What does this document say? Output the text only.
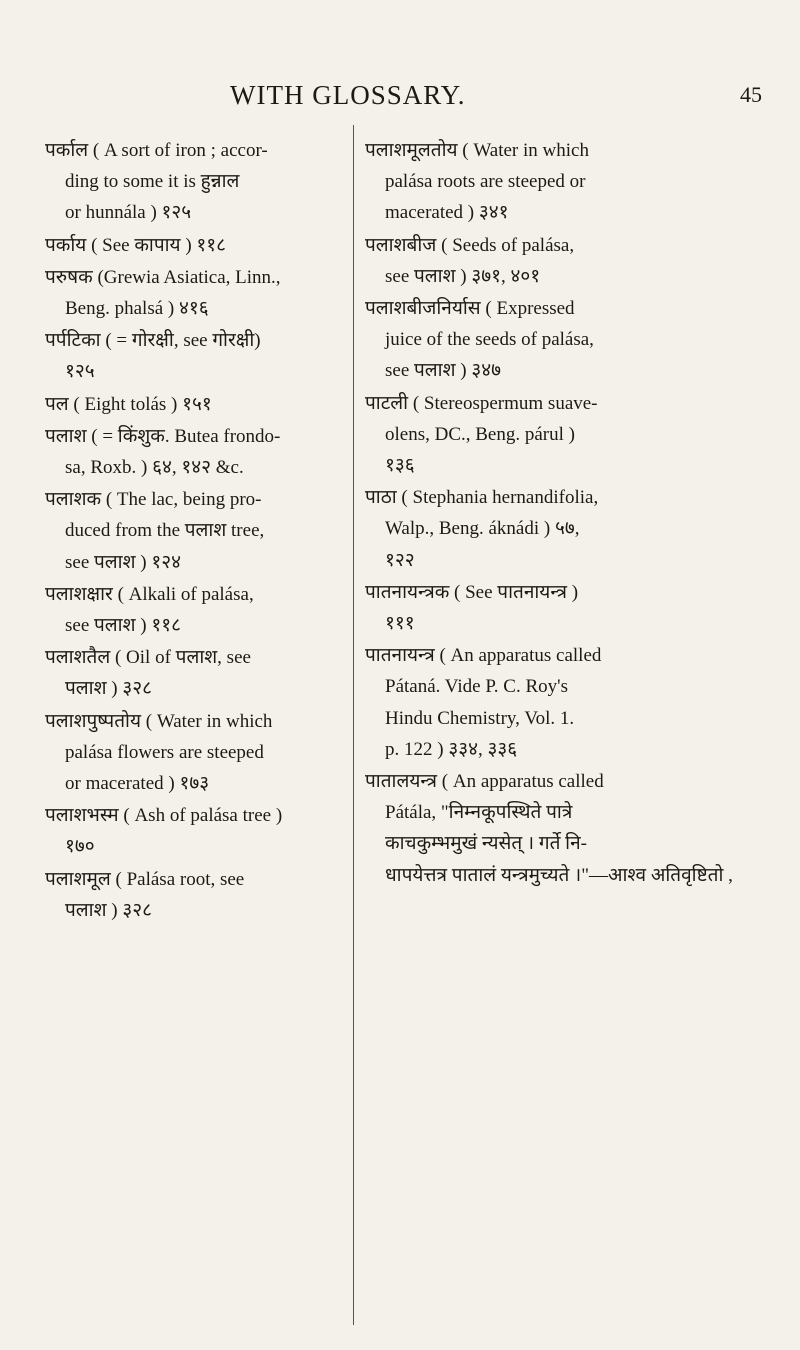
WITH GLOSSARY.	45
पर्काल ( A sort of iron ; accor-
ding to some it is हुन्नाल
or hunnála ) १२५
पर्काय ( See कापाय ) ११८
परुषक (Grewia Asiatica, Linn.,
Beng. phalsá ) ४१६
पर्पटिका ( = गोरक्षी, see गोरक्षी)
१२५
पल ( Eight tolás ) १५१
पलाश ( = किंशुक. Butea frondo-
sa, Roxb. ) ६४, १४२ &c.
पलाशक ( The lac, being pro-
duced from the पलाश tree,
see पलाश ) १२४
पलाशक्षार ( Alkali of palása,
see पलाश ) ११८
पलाशतैल ( Oil of पलाश, see
पलाश ) ३२८
पलाशपुष्पतोय ( Water in which
palása flowers are steeped
or macerated ) १७३
पलाशभस्म ( Ash of palása tree )
१७०
पलाशमूल ( Palása root, see
पलाश ) ३२८
पलाशमूलतोय ( Water in which
palása roots are steeped or
macerated ) ३४१
पलाशबीज ( Seeds of palása,
see पलाश ) ३७१, ४०१
पलाशबीजनिर्यास ( Expressed
juice of the seeds of palása,
see पलाश ) ३४७
पाटली ( Stereospermum suave-
olens, DC., Beng. párul )
१३६
पाठा ( Stephania hernandifolia,
Walp., Beng. áknádi ) ५७,
१२२
पातनायन्त्रक ( See पातनायन्त्र )
१११
पातनायन्त्र ( An apparatus called
Pátaná. Vide P. C. Roy's
Hindu Chemistry, Vol. 1.
p. 122 ) ३३४, ३३६
पातालयन्त्र ( An apparatus called
Pátála, "निम्नकूपस्थिते पात्रे
काचकुम्भमुखं न्यसेत् । गर्ते नि-
धापयेत्तत्र पातालं यन्त्रमुच्यते ।"—आश्व अतिवृष्टितो ,
